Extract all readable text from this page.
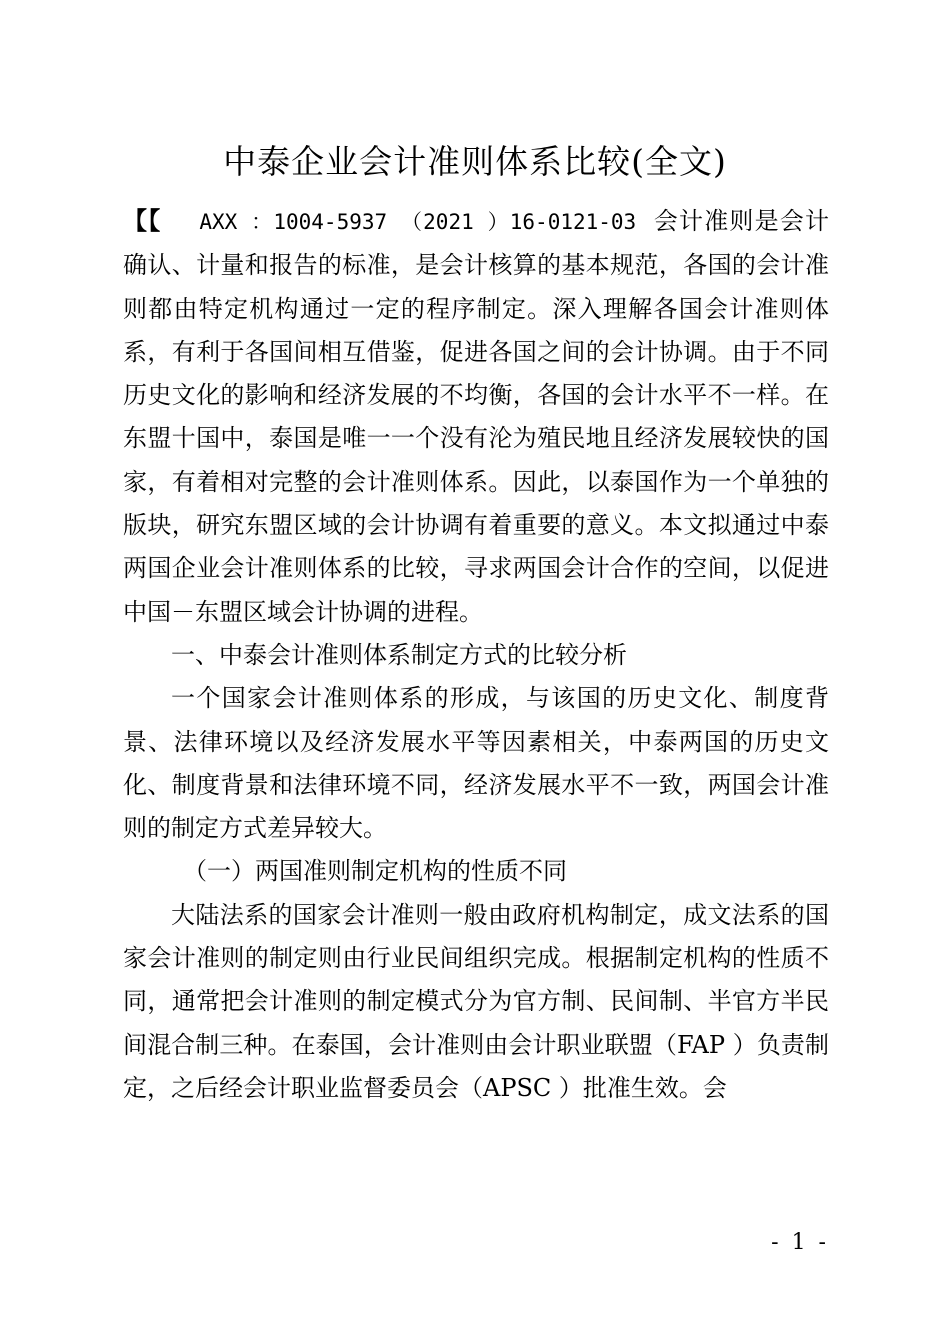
中泰企业会计准则体系比较(全文)

【【 AXX ：1004-5937 （2021 ）16-0121-03 会计准则是会计确认、计量和报告的标准，是会计核算的基本规范，各国的会计准则都由特定机构通过一定的程序制定。深入理解各国会计准则体系，有利于各国间相互借鉴，促进各国之间的会计协调。由于不同历史文化的影响和经济发展的不均衡，各国的会计水平不一样。在东盟十国中，泰国是唯一一个没有沦为殖民地且经济发展较快的国家，有着相对完整的会计准则体系。因此，以泰国作为一个单独的版块，研究东盟区域的会计协调有着重要的意义。本文拟通过中泰两国企业会计准则体系的比较，寻求两国会计合作的空间，以促进中国－东盟区域会计协调的进程。

一、中泰会计准则体系制定方式的比较分析

一个国家会计准则体系的形成，与该国的历史文化、制度背景、法律环境以及经济发展水平等因素相关，中泰两国的历史文化、制度背景和法律环境不同，经济发展水平不一致，两国会计准则的制定方式差异较大。

（一）两国准则制定机构的性质不同

大陆法系的国家会计准则一般由政府机构制定，成文法系的国家会计准则的制定则由行业民间组织完成。根据制定机构的性质不同，通常把会计准则的制定模式分为官方制、民间制、半官方半民间混合制三种。在泰国，会计准则由会计职业联盟（FAP ）负责制定，之后经会计职业监督委员会（APSC ）批准生效。会

- 1 -
